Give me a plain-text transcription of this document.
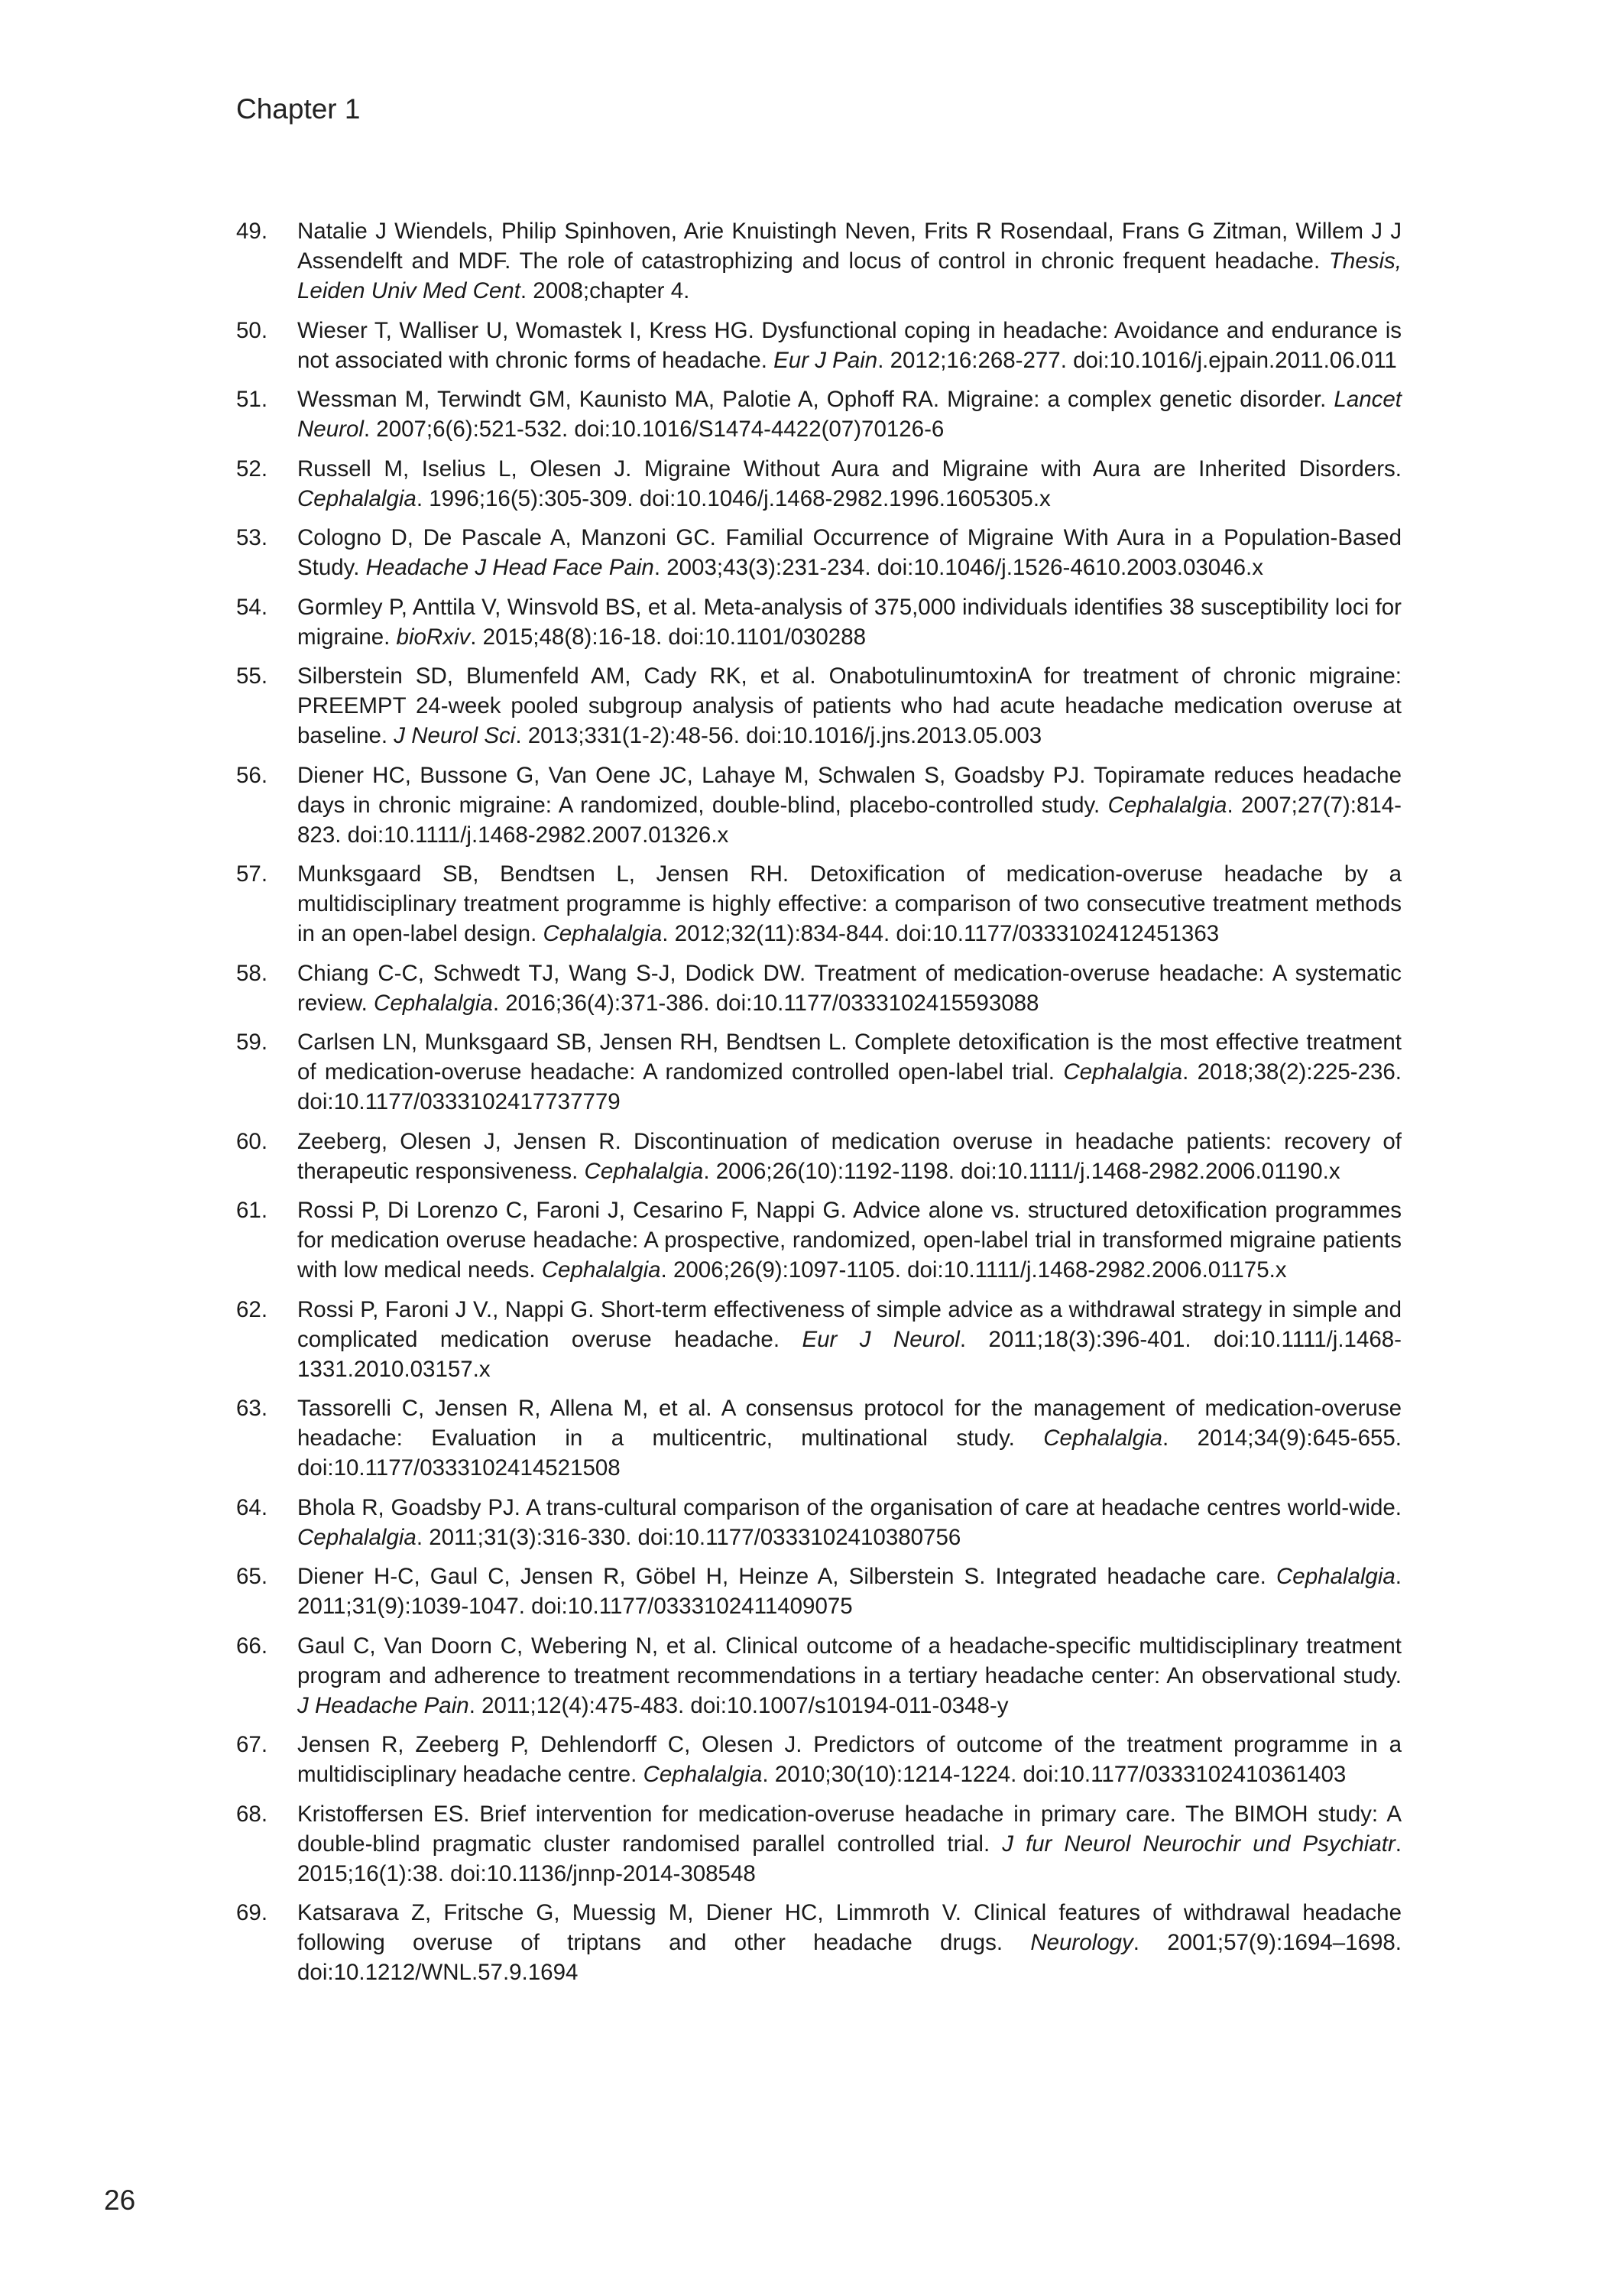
Chapter 1
49.	Natalie J Wiendels, Philip Spinhoven, Arie Knuistingh Neven, Frits R Rosendaal, Frans G Zitman, Willem J J Assendelft and MDF. The role of catastrophizing and locus of control in chronic frequent headache. Thesis, Leiden Univ Med Cent. 2008;chapter 4.
50.	Wieser T, Walliser U, Womastek I, Kress HG. Dysfunctional coping in headache: Avoidance and endurance is not associated with chronic forms of headache. Eur J Pain. 2012;16:268-277. doi:10.1016/j.ejpain.2011.06.011
51.	Wessman M, Terwindt GM, Kaunisto MA, Palotie A, Ophoff RA. Migraine: a complex genetic disorder. Lancet Neurol. 2007;6(6):521-532. doi:10.1016/S1474-4422(07)70126-6
52.	Russell M, Iselius L, Olesen J. Migraine Without Aura and Migraine with Aura are Inherited Disorders. Cephalalgia. 1996;16(5):305-309. doi:10.1046/j.1468-2982.1996.1605305.x
53.	Cologno D, De Pascale A, Manzoni GC. Familial Occurrence of Migraine With Aura in a Population-Based Study. Headache J Head Face Pain. 2003;43(3):231-234. doi:10.1046/j.1526-4610.2003.03046.x
54.	Gormley P, Anttila V, Winsvold BS, et al. Meta-analysis of 375,000 individuals identifies 38 susceptibility loci for migraine. bioRxiv. 2015;48(8):16-18. doi:10.1101/030288
55.	Silberstein SD, Blumenfeld AM, Cady RK, et al. OnabotulinumtoxinA for treatment of chronic migraine: PREEMPT 24-week pooled subgroup analysis of patients who had acute headache medication overuse at baseline. J Neurol Sci. 2013;331(1-2):48-56. doi:10.1016/j.jns.2013.05.003
56.	Diener HC, Bussone G, Van Oene JC, Lahaye M, Schwalen S, Goadsby PJ. Topiramate reduces headache days in chronic migraine: A randomized, double-blind, placebo-controlled study. Cephalalgia. 2007;27(7):814-823. doi:10.1111/j.1468-2982.2007.01326.x
57.	Munksgaard SB, Bendtsen L, Jensen RH. Detoxification of medication-overuse headache by a multidisciplinary treatment programme is highly effective: a comparison of two consecutive treatment methods in an open-label design. Cephalalgia. 2012;32(11):834-844. doi:10.1177/0333102412451363
58.	Chiang C-C, Schwedt TJ, Wang S-J, Dodick DW. Treatment of medication-overuse headache: A systematic review. Cephalalgia. 2016;36(4):371-386. doi:10.1177/0333102415593088
59.	Carlsen LN, Munksgaard SB, Jensen RH, Bendtsen L. Complete detoxification is the most effective treatment of medication-overuse headache: A randomized controlled open-label trial. Cephalalgia. 2018;38(2):225-236. doi:10.1177/0333102417737779
60.	Zeeberg, Olesen J, Jensen R. Discontinuation of medication overuse in headache patients: recovery of therapeutic responsiveness. Cephalalgia. 2006;26(10):1192-1198. doi:10.1111/j.1468-2982.2006.01190.x
61.	Rossi P, Di Lorenzo C, Faroni J, Cesarino F, Nappi G. Advice alone vs. structured detoxification programmes for medication overuse headache: A prospective, randomized, open-label trial in transformed migraine patients with low medical needs. Cephalalgia. 2006;26(9):1097-1105. doi:10.1111/j.1468-2982.2006.01175.x
62.	Rossi P, Faroni J V., Nappi G. Short-term effectiveness of simple advice as a withdrawal strategy in simple and complicated medication overuse headache. Eur J Neurol. 2011;18(3):396-401. doi:10.1111/j.1468-1331.2010.03157.x
63.	Tassorelli C, Jensen R, Allena M, et al. A consensus protocol for the management of medication-overuse headache: Evaluation in a multicentric, multinational study. Cephalalgia. 2014;34(9):645-655. doi:10.1177/0333102414521508
64.	Bhola R, Goadsby PJ. A trans-cultural comparison of the organisation of care at headache centres world-wide. Cephalalgia. 2011;31(3):316-330. doi:10.1177/0333102410380756
65.	Diener H-C, Gaul C, Jensen R, Göbel H, Heinze A, Silberstein S. Integrated headache care. Cephalalgia. 2011;31(9):1039-1047. doi:10.1177/0333102411409075
66.	Gaul C, Van Doorn C, Webering N, et al. Clinical outcome of a headache-specific multidisciplinary treatment program and adherence to treatment recommendations in a tertiary headache center: An observational study. J Headache Pain. 2011;12(4):475-483. doi:10.1007/s10194-011-0348-y
67.	Jensen R, Zeeberg P, Dehlendorff C, Olesen J. Predictors of outcome of the treatment programme in a multidisciplinary headache centre. Cephalalgia. 2010;30(10):1214-1224. doi:10.1177/0333102410361403
68.	Kristoffersen ES. Brief intervention for medication-overuse headache in primary care. The BIMOH study: A double-blind pragmatic cluster randomised parallel controlled trial. J fur Neurol Neurochir und Psychiatr. 2015;16(1):38. doi:10.1136/jnnp-2014-308548
69.	Katsarava Z, Fritsche G, Muessig M, Diener HC, Limmroth V. Clinical features of withdrawal headache following overuse of triptans and other headache drugs. Neurology. 2001;57(9):1694–1698. doi:10.1212/WNL.57.9.1694
26
